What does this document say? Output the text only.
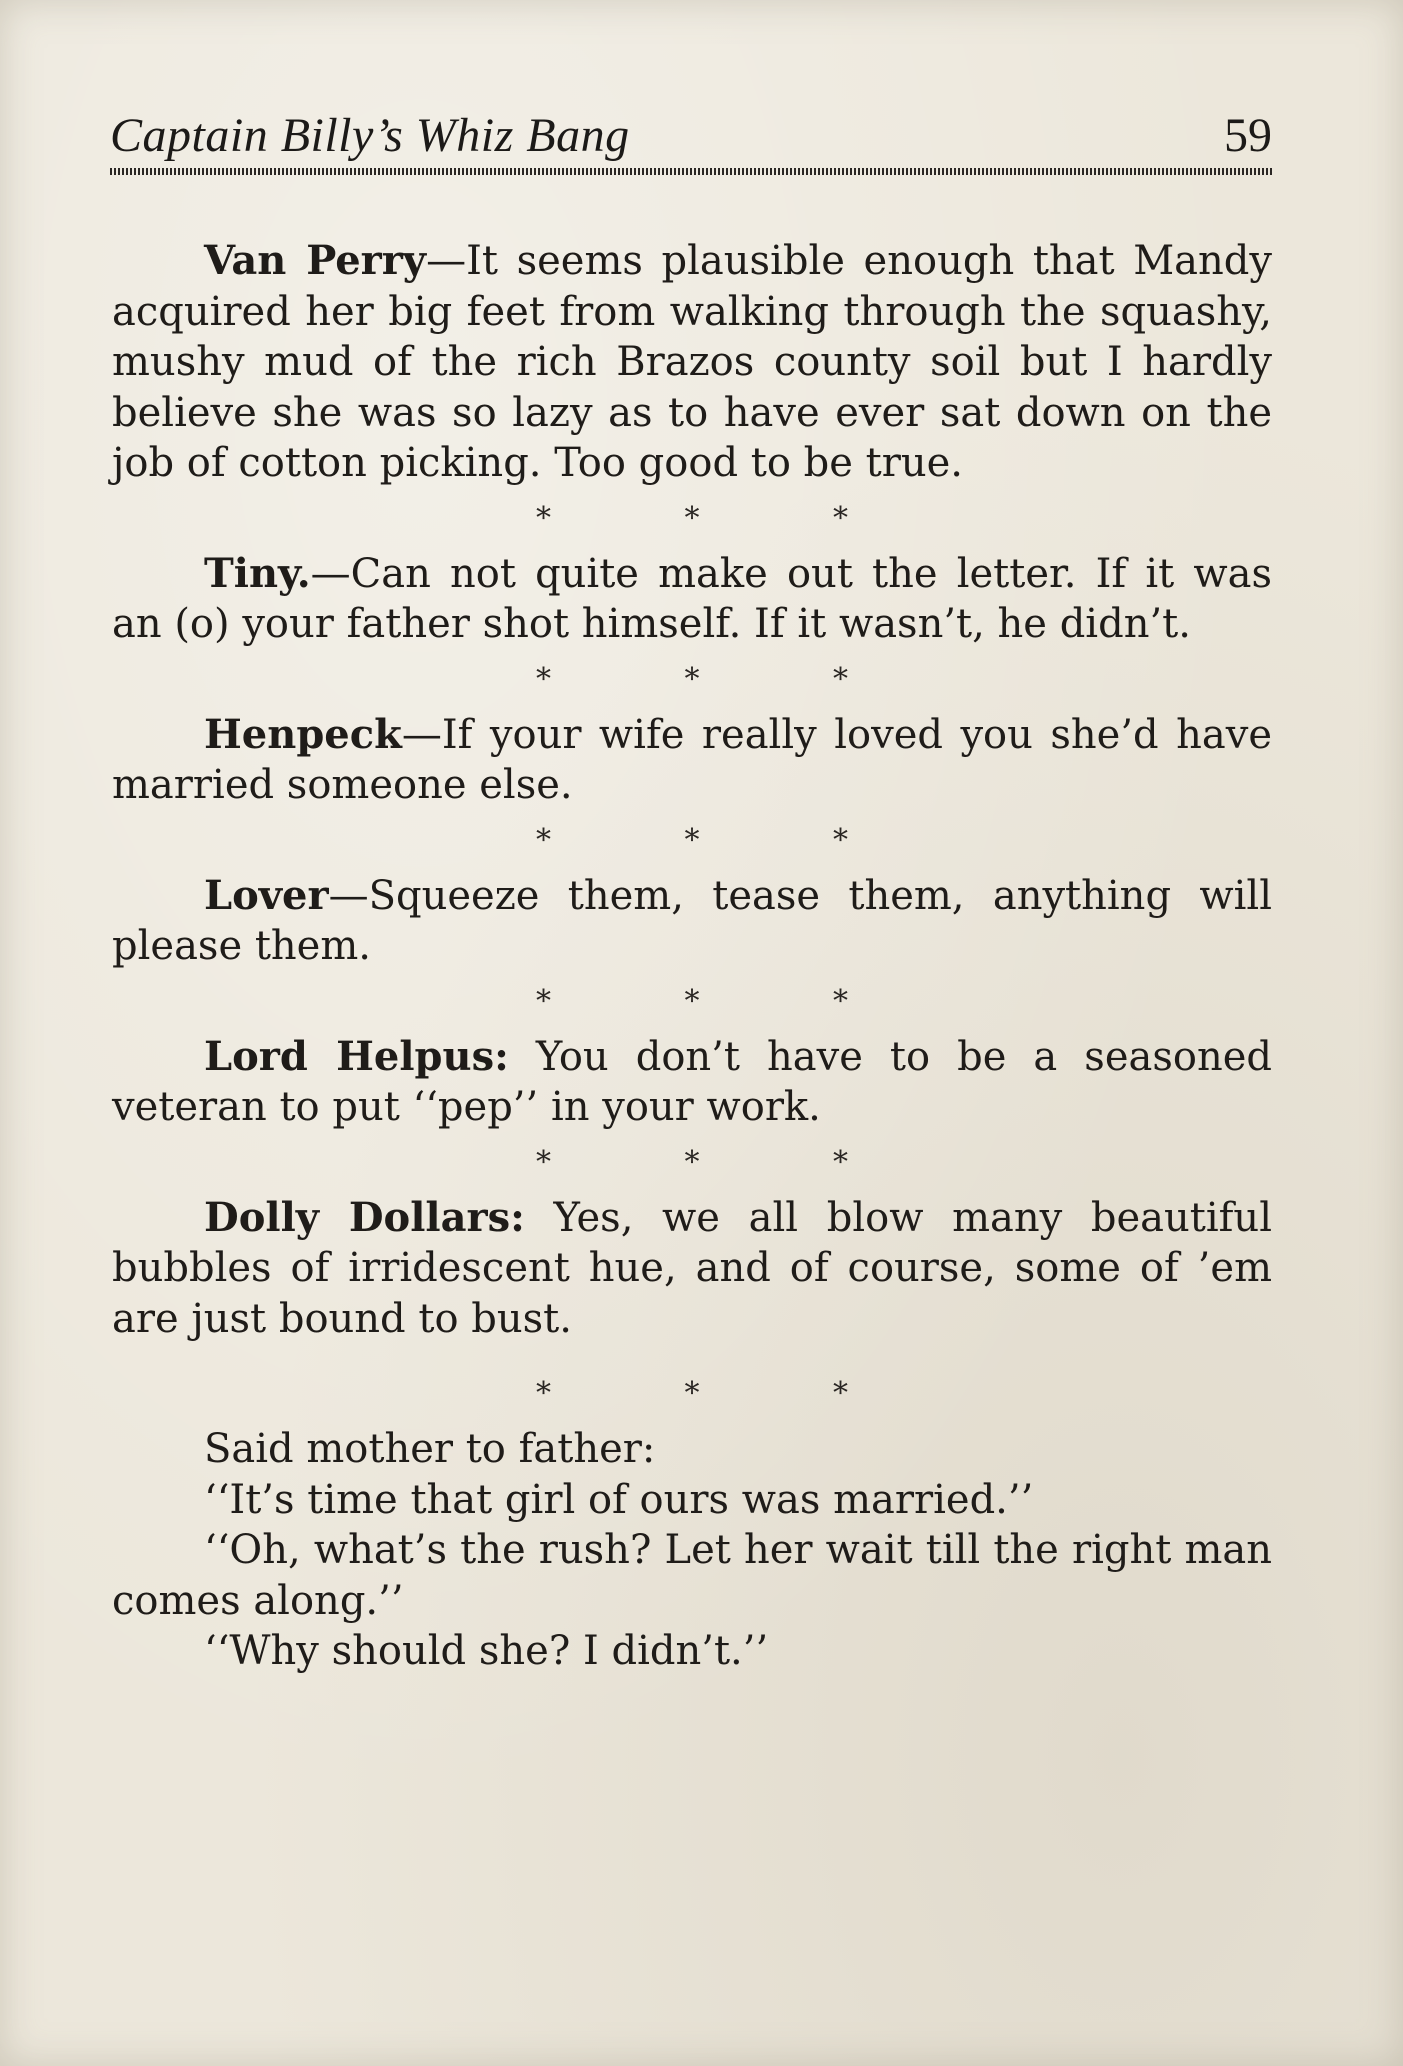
Captain Billy’s Whiz Bang	59

Van Perry—It seems plausible enough that Mandy acquired her big feet from walking through the squashy, mushy mud of the rich Brazos county soil but I hardly believe she was so lazy as to have ever sat down on the job of cotton picking. Too good to be true.

* * *

Tiny.—Can not quite make out the letter. If it was an (o) your father shot himself. If it wasn’t, he didn’t.

* * *

Henpeck—If your wife really loved you she’d have married someone else.

* * *

Lover—Squeeze them, tease them, anything will please them.

* * *

Lord Helpus: You don’t have to be a seasoned veteran to put ‘‘pep’’ in your work.

* * *

Dolly Dollars: Yes, we all blow many beautiful bubbles of irridescent hue, and of course, some of ’em are just bound to bust.

* * *

Said mother to father:

‘‘It’s time that girl of ours was married.’’

‘‘Oh, what’s the rush? Let her wait till the right man comes along.’’

‘‘Why should she? I didn’t.’’
